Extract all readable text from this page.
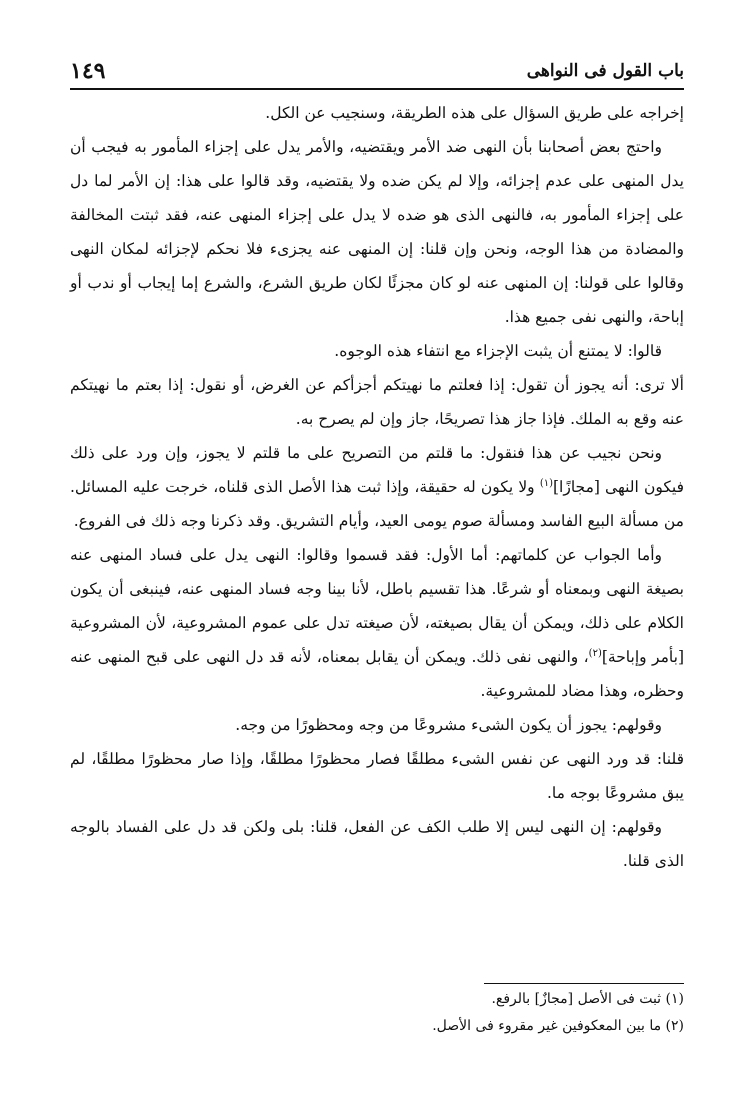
باب القول فى النواهى
١٤٩

إخراجه على طريق السؤال على هذه الطريقة، وسنجيب عن الكل.

واحتج بعض أصحابنا بأن النهى ضد الأمر ويقتضيه، والأمر يدل على إجزاء المأمور به فيجب أن يدل المنهى على عدم إجزائه، وإلا لم يكن ضده ولا يقتضيه، وقد قالوا على هذا: إن الأمر لما دل على إجزاء المأمور به، فالنهى الذى هو ضده لا يدل على إجزاء المنهى عنه، فقد ثبتت المخالفة والمضادة من هذا الوجه، ونحن وإن قلنا: إن المنهى عنه يجزىء فلا نحكم لإجزائه لمكان النهى وقالوا على قولنا: إن المنهى عنه لو كان مجزئًا لكان طريق الشرع، والشرع إما إيجاب أو ندب أو إباحة، والنهى نفى جميع هذا.

قالوا: لا يمتنع أن يثبت الإجزاء مع انتفاء هذه الوجوه.

ألا ترى: أنه يجوز أن تقول: إذا فعلتم ما نهيتكم أجزأكم عن الغرض، أو نقول: إذا بعتم ما نهيتكم عنه وقع به الملك. فإذا جاز هذا تصريحًا، جاز وإن لم يصرح به.

ونحن نجيب عن هذا فنقول: ما قلتم من التصريح على ما قلتم لا يجوز، وإن ورد على ذلك فيكون النهى [مجازًا]$^{(١)}$ ولا يكون له حقيقة، وإذا ثبت هذا الأصل الذى قلناه، خرجت عليه المسائل. من مسألة البيع الفاسد ومسألة صوم يومى العيد، وأيام التشريق. وقد ذكرنا وجه ذلك فى الفروع.

وأما الجواب عن كلماتهم: أما الأول: فقد قسموا وقالوا: النهى يدل على فساد المنهى عنه بصيغة النهى وبمعناه أو شرعًا. هذا تقسيم باطل، لأنا بينا وجه فساد المنهى عنه، فينبغى أن يكون الكلام على ذلك، ويمكن أن يقال بصيغته، لأن صيغته تدل على عموم المشروعية، لأن المشروعية [بأمر وإباحة]$^{(٢)}$، والنهى نفى ذلك. ويمكن أن يقابل بمعناه، لأنه قد دل النهى على قبح المنهى عنه وحظره، وهذا مضاد للمشروعية.

وقولهم: يجوز أن يكون الشىء مشروعًا من وجه ومحظورًا من وجه.

قلنا: قد ورد النهى عن نفس الشىء مطلقًا فصار محظورًا مطلقًا، وإذا صار محظورًا مطلقًا، لم يبق مشروعًا بوجه ما.

وقولهم: إن النهى ليس إلا طلب الكف عن الفعل، قلنا: بلى ولكن قد دل على الفساد بالوجه الذى قلنا.

(١) ثبت فى الأصل [مجازٌ] بالرفع.

(٢) ما بين المعكوفين غير مقروء فى الأصل.
